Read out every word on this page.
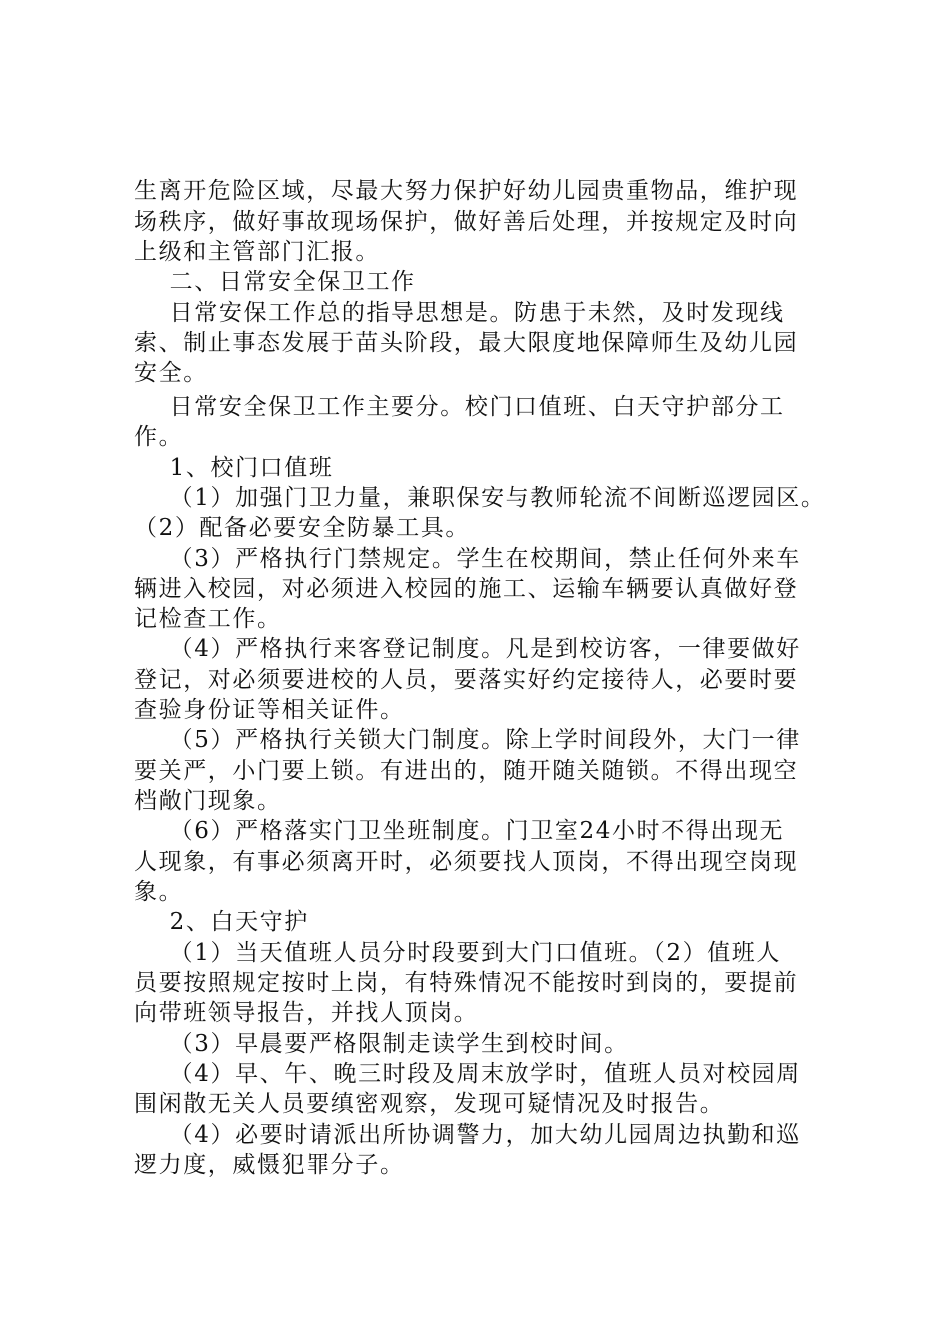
生离开危险区域，尽最大努力保护好幼儿园贵重物品，维护现
场秩序，做好事故现场保护，做好善后处理，并按规定及时向
上级和主管部门汇报。
二、日常安全保卫工作
日常安保工作总的指导思想是。防患于未然，及时发现线
索、制止事态发展于苗头阶段，最大限度地保障师生及幼儿园
安全。
日常安全保卫工作主要分。校门口值班、白天守护部分工
作。
1、校门口值班
（1）加强门卫力量，兼职保安与教师轮流不间断巡逻园区。
（2）配备必要安全防暴工具。
（3）严格执行门禁规定。学生在校期间，禁止任何外来车
辆进入校园，对必须进入校园的施工、运输车辆要认真做好登
记检查工作。
（4）严格执行来客登记制度。凡是到校访客，一律要做好
登记，对必须要进校的人员，要落实好约定接待人，必要时要
查验身份证等相关证件。
（5）严格执行关锁大门制度。除上学时间段外，大门一律
要关严，小门要上锁。有进出的，随开随关随锁。不得出现空
档敞门现象。
（6）严格落实门卫坐班制度。门卫室24小时不得出现无
人现象，有事必须离开时，必须要找人顶岗，不得出现空岗现
象。
2、白天守护
（1）当天值班人员分时段要到大门口值班。（2）值班人
员要按照规定按时上岗，有特殊情况不能按时到岗的，要提前
向带班领导报告，并找人顶岗。
（3）早晨要严格限制走读学生到校时间。
（4）早、午、晚三时段及周末放学时，值班人员对校园周
围闲散无关人员要缜密观察，发现可疑情况及时报告。
（4）必要时请派出所协调警力，加大幼儿园周边执勤和巡
逻力度，威慑犯罪分子。
